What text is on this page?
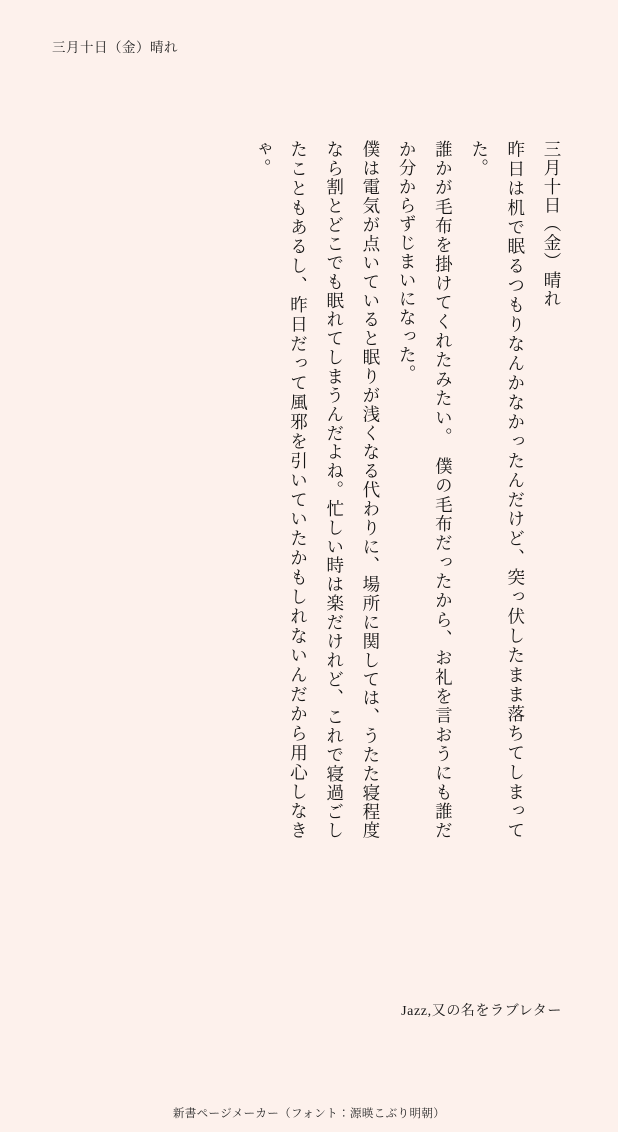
三月十日（金）晴れ
三月十日（金）晴れ
昨日は机で眠るつもりなんかなかったんだけど、突っ伏したまま落ちてしまってた。
誰かが毛布を掛けてくれたみたい。　僕の毛布だったから、お礼を言おうにも誰だか分からずじまいになった。
僕は電気が点いていると眠りが浅くなる代わりに、場所に関しては、うたた寝程度なら割とどこでも眠れてしまうんだよね。忙しい時は楽だけれど、これで寝過ごしたこともあるし、昨日だって風邪を引いていたかもしれないんだから用心しなきゃ。
Jazz,又の名をラブレター
新書ページメーカー（フォント：源暎こぶり明朝）
